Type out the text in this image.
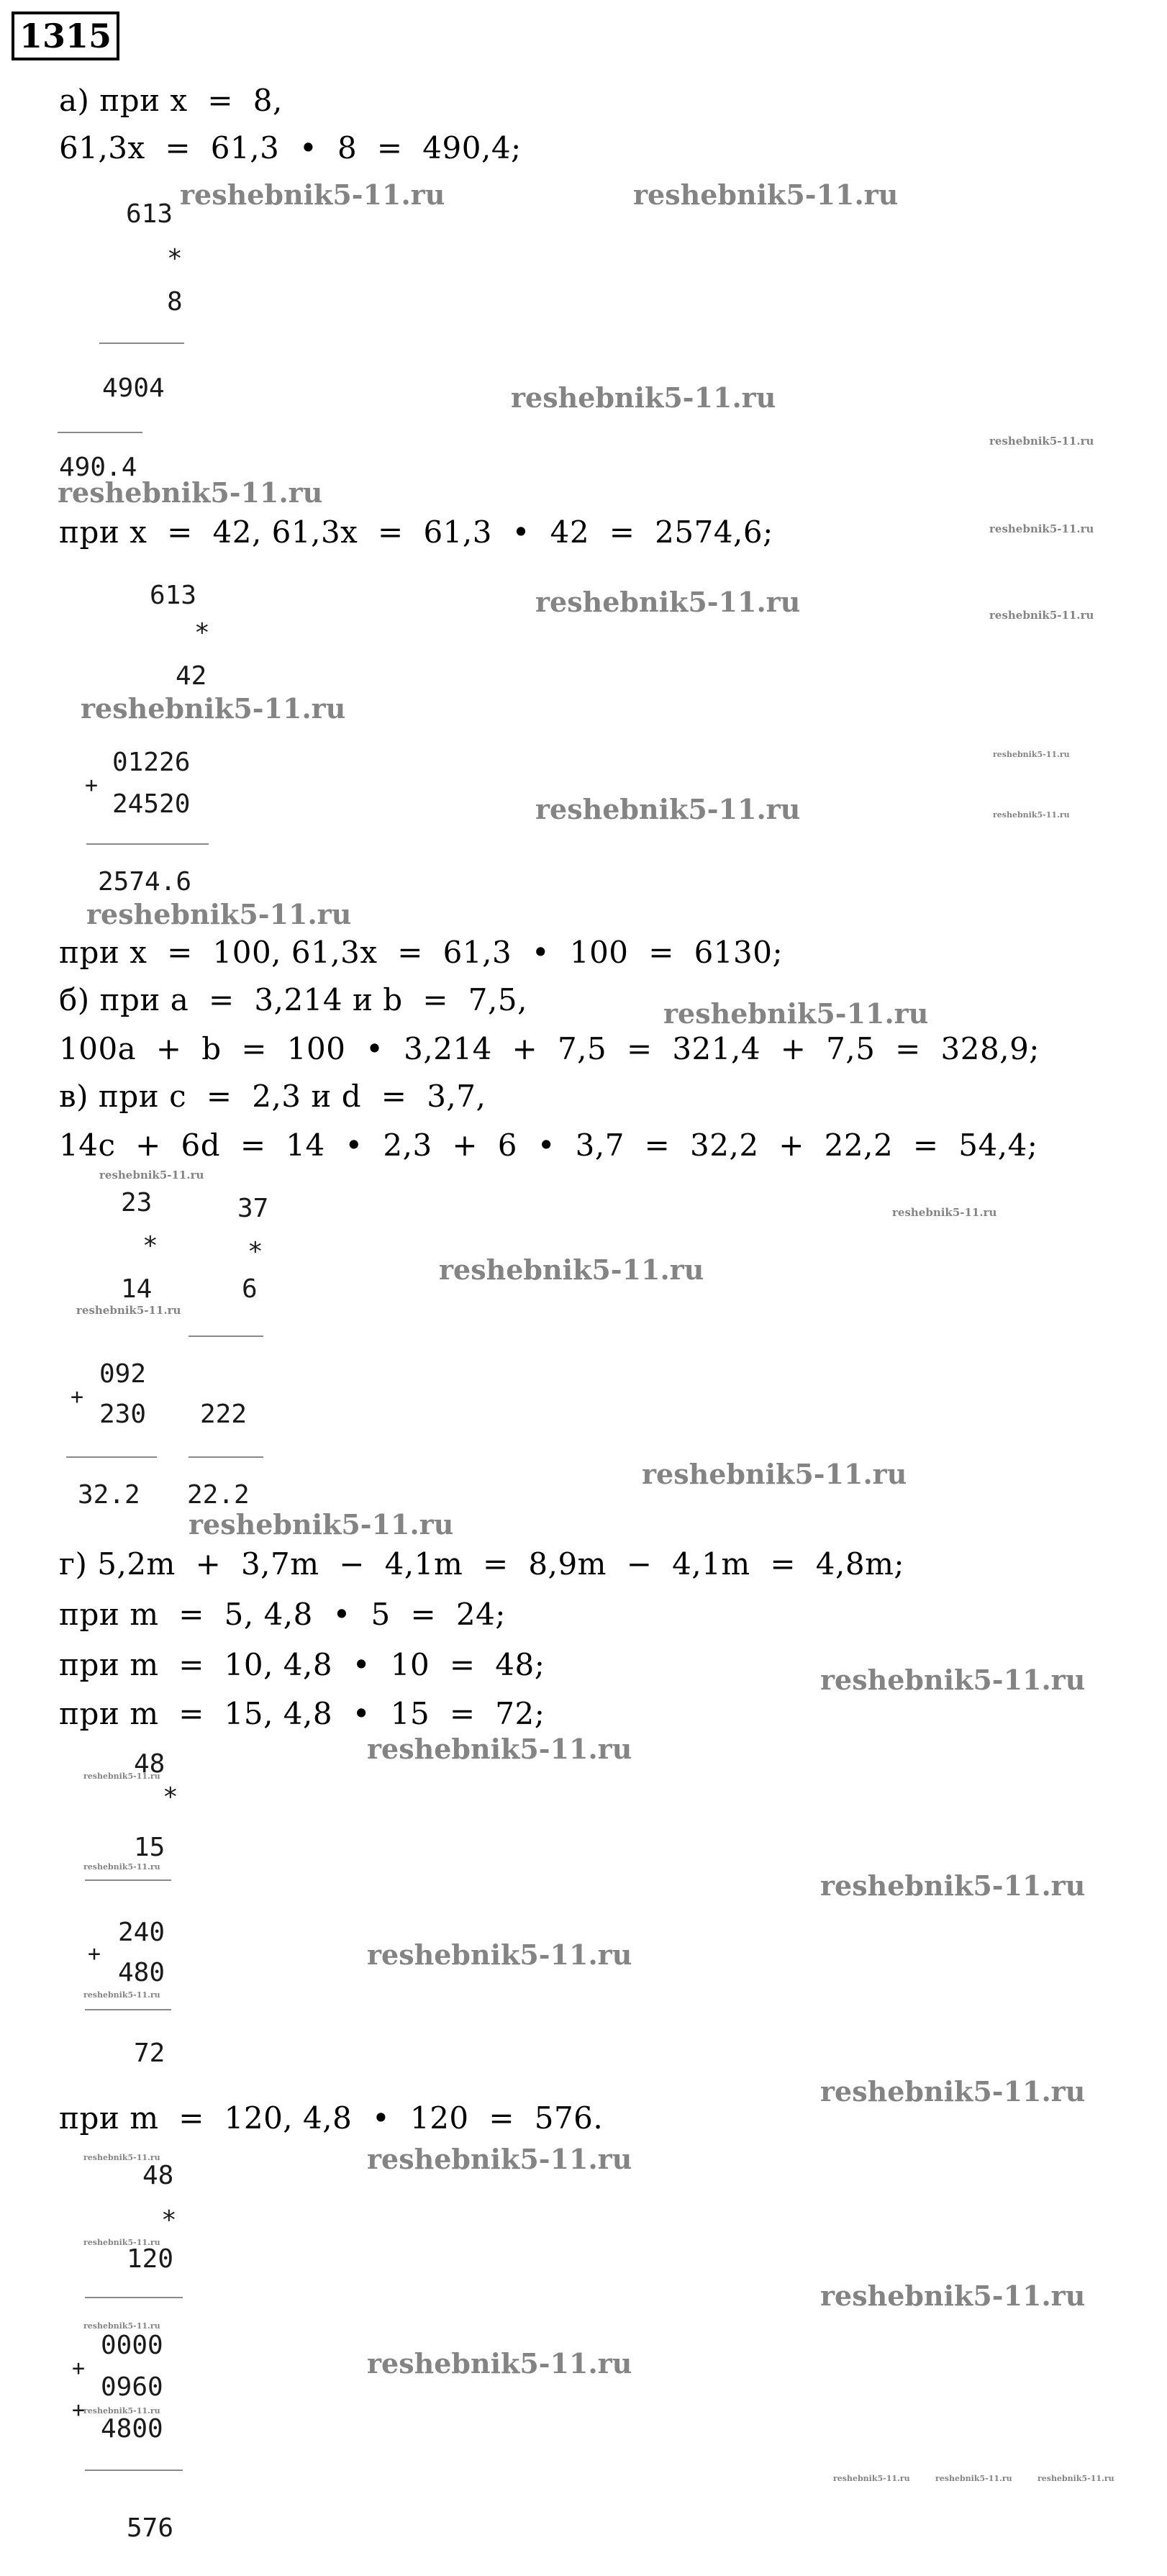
1315
а) при x  =  8,
61,3x  =  61,3  •  8  =  490,4;
613
*
8
4904
490.4
при x  =  42, 61,3x  =  61,3  •  42  =  2574,6;
613
*
42
01226
+
24520
2574.6
при x  =  100, 61,3x  =  61,3  •  100  =  6130;
б) при a  =  3,214 и b  =  7,5,
100a  +  b  =  100  •  3,214  +  7,5  =  321,4  +  7,5  =  328,9;
в) при c  =  2,3 и d  =  3,7,
14c  +  6d  =  14  •  2,3  +  6  •  3,7  =  32,2  +  22,2  =  54,4;
23
*
14
092
+
230
32.2
37
*
6
222
22.2
г) 5,2m  +  3,7m  −  4,1m  =  8,9m  −  4,1m  =  4,8m;
при m  =  5, 4,8  •  5  =  24;
при m  =  10, 4,8  •  10  =  48;
при m  =  15, 4,8  •  15  =  72;
48
*
15
240
+
480
72
при m  =  120, 4,8  •  120  =  576.
48
*
120
0000
+
0960
+
4800
576
reshebnik5-11.ru	reshebnik5-11.ru
reshebnik5-11.ru
reshebnik5-11.ru
reshebnik5-11.ru
reshebnik5-11.ru
reshebnik5-11.ru	reshebnik5-11.ru
reshebnik5-11.ru
reshebnik5-11.ru
reshebnik5-11.ru	reshebnik5-11.ru
reshebnik5-11.ru
reshebnik5-11.ru
reshebnik5-11.ru
reshebnik5-11.ru
reshebnik5-11.ru
reshebnik5-11.ru
reshebnik5-11.ru
reshebnik5-11.ru
reshebnik5-11.ru
reshebnik5-11.ru
reshebnik5-11.ru
reshebnik5-11.ru
reshebnik5-11.ru
reshebnik5-11.ru
reshebnik5-11.ru
reshebnik5-11.ru
reshebnik5-11.ru	reshebnik5-11.ru
reshebnik5-11.ru
reshebnik5-11.ru
reshebnik5-11.ru
reshebnik5-11.ru
reshebnik5-11.ru
reshebnik5-11.ru	reshebnik5-11.ru	reshebnik5-11.ru
